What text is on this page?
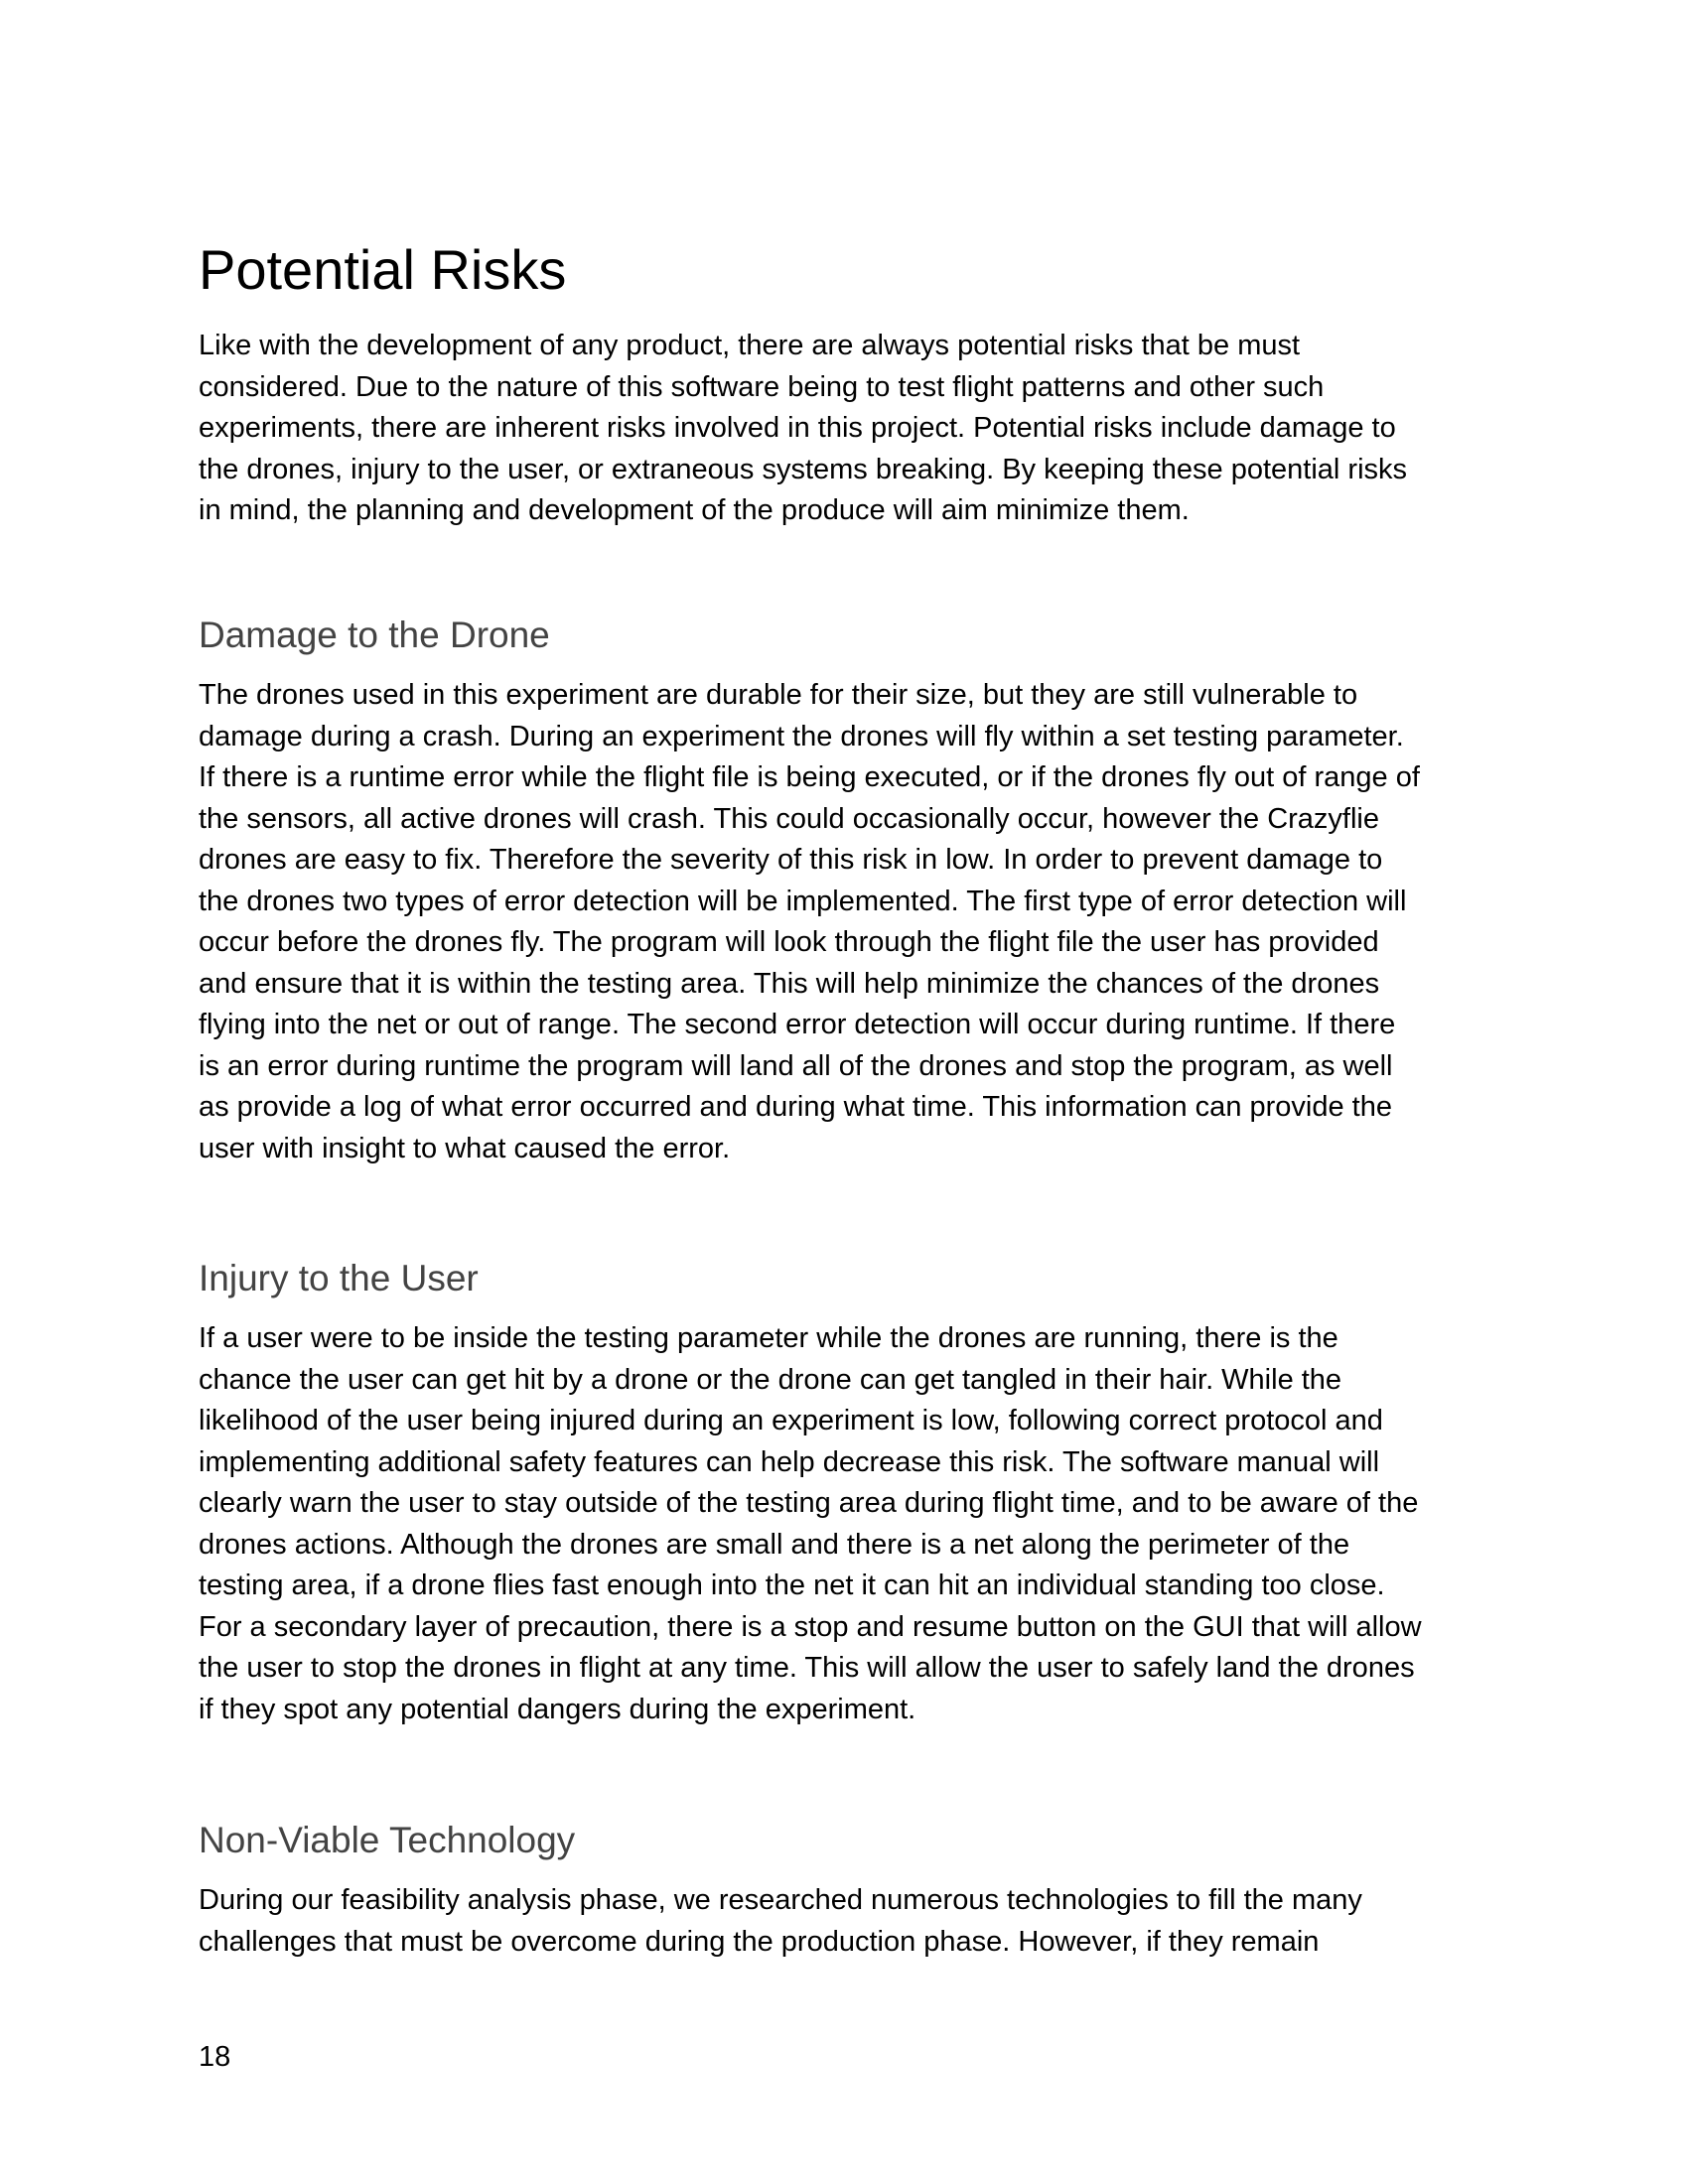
Potential Risks

Like with the development of any product, there are always potential risks that be must
considered. Due to the nature of this software being to test flight patterns and other such
experiments, there are inherent risks involved in this project. Potential risks include damage to
the drones, injury to the user, or extraneous systems breaking. By keeping these potential risks
in mind, the planning and development of the produce will aim minimize them.

Damage to the Drone

The drones used in this experiment are durable for their size, but they are still vulnerable to
damage during a crash. During an experiment the drones will fly within a set testing parameter.
If there is a runtime error while the flight file is being executed, or if the drones fly out of range of
the sensors, all active drones will crash. This could occasionally occur, however the Crazyflie
drones are easy to fix. Therefore the severity of this risk in low. In order to prevent damage to
the drones two types of error detection will be implemented. The first type of error detection will
occur before the drones fly. The program will look through the flight file the user has provided
and ensure that it is within the testing area. This will help minimize the chances of the drones
flying into the net or out of range. The second error detection will occur during runtime. If there
is an error during runtime the program will land all of the drones and stop the program, as well
as provide a log of what error occurred and during what time. This information can provide the
user with insight to what caused the error.

Injury to the User

If a user were to be inside the testing parameter while the drones are running, there is the
chance the user can get hit by a drone or the drone can get tangled in their hair. While the
likelihood of the user being injured during an experiment is low, following correct protocol and
implementing additional safety features can help decrease this risk. The software manual will
clearly warn the user to stay outside of the testing area during flight time, and to be aware of the
drones actions. Although the drones are small and there is a net along the perimeter of the
testing area, if a drone flies fast enough into the net it can hit an individual standing too close.
For a secondary layer of precaution, there is a stop and resume button on the GUI that will allow
the user to stop the drones in flight at any time. This will allow the user to safely land the drones
if they spot any potential dangers during the experiment.

Non-Viable Technology

During our feasibility analysis phase, we researched numerous technologies to fill the many
challenges that must be overcome during the production phase. However, if they remain

18
